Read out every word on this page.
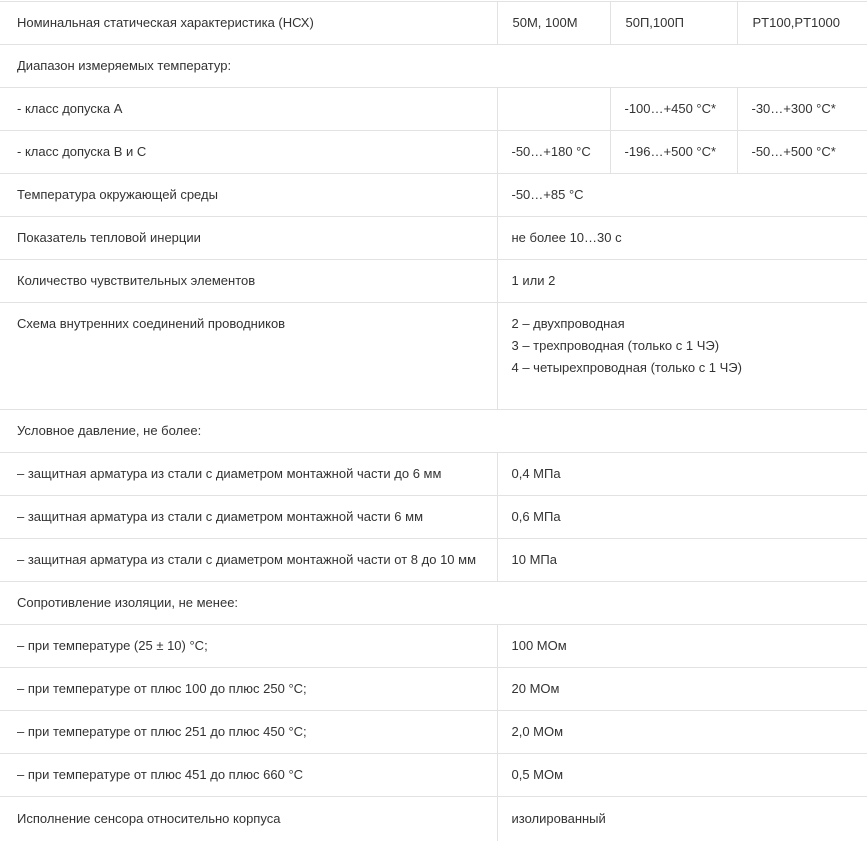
Номинальная статическая характеристика (НСХ)	50М, 100М	50П,100П	PT100,PT1000
Диапазон измеряемых температур:			
- класс допуска А		-100…+450 °С*	-30…+300 °С*
- класс допуска В и С	-50…+180 °С	-196…+500 °С*	-50…+500 °С*
Температура окружающей среды	-50…+85 °С		
Показатель тепловой инерции	не более 10…30 с		
Количество чувствительных элементов	1 или 2		
Схема внутренних соединений проводников	2 – двухпроводная
3 – трехпроводная (только с 1 ЧЭ)
4 – четырехпроводная (только с 1 ЧЭ)		

Условное давление, не более:			
– защитная арматура из стали с диаметром монтажной части до 6 мм	0,4 МПа		
– защитная арматура из стали с диаметром монтажной части 6 мм	0,6 МПа		
– защитная арматура из стали с диаметром монтажной части от 8 до 10 мм	10 МПа		
Сопротивление изоляции, не менее:			
– при температуре (25 ± 10) °С;	100 МОм		
– при температуре от плюс 100 до плюс 250 °С;	20 МОм		
– при температуре от плюс 251 до плюс 450 °С;	2,0 МОм		
– при температуре от плюс 451 до плюс 660 °С	0,5 МОм		
Исполнение сенсора относительно корпуса	изолированный		
